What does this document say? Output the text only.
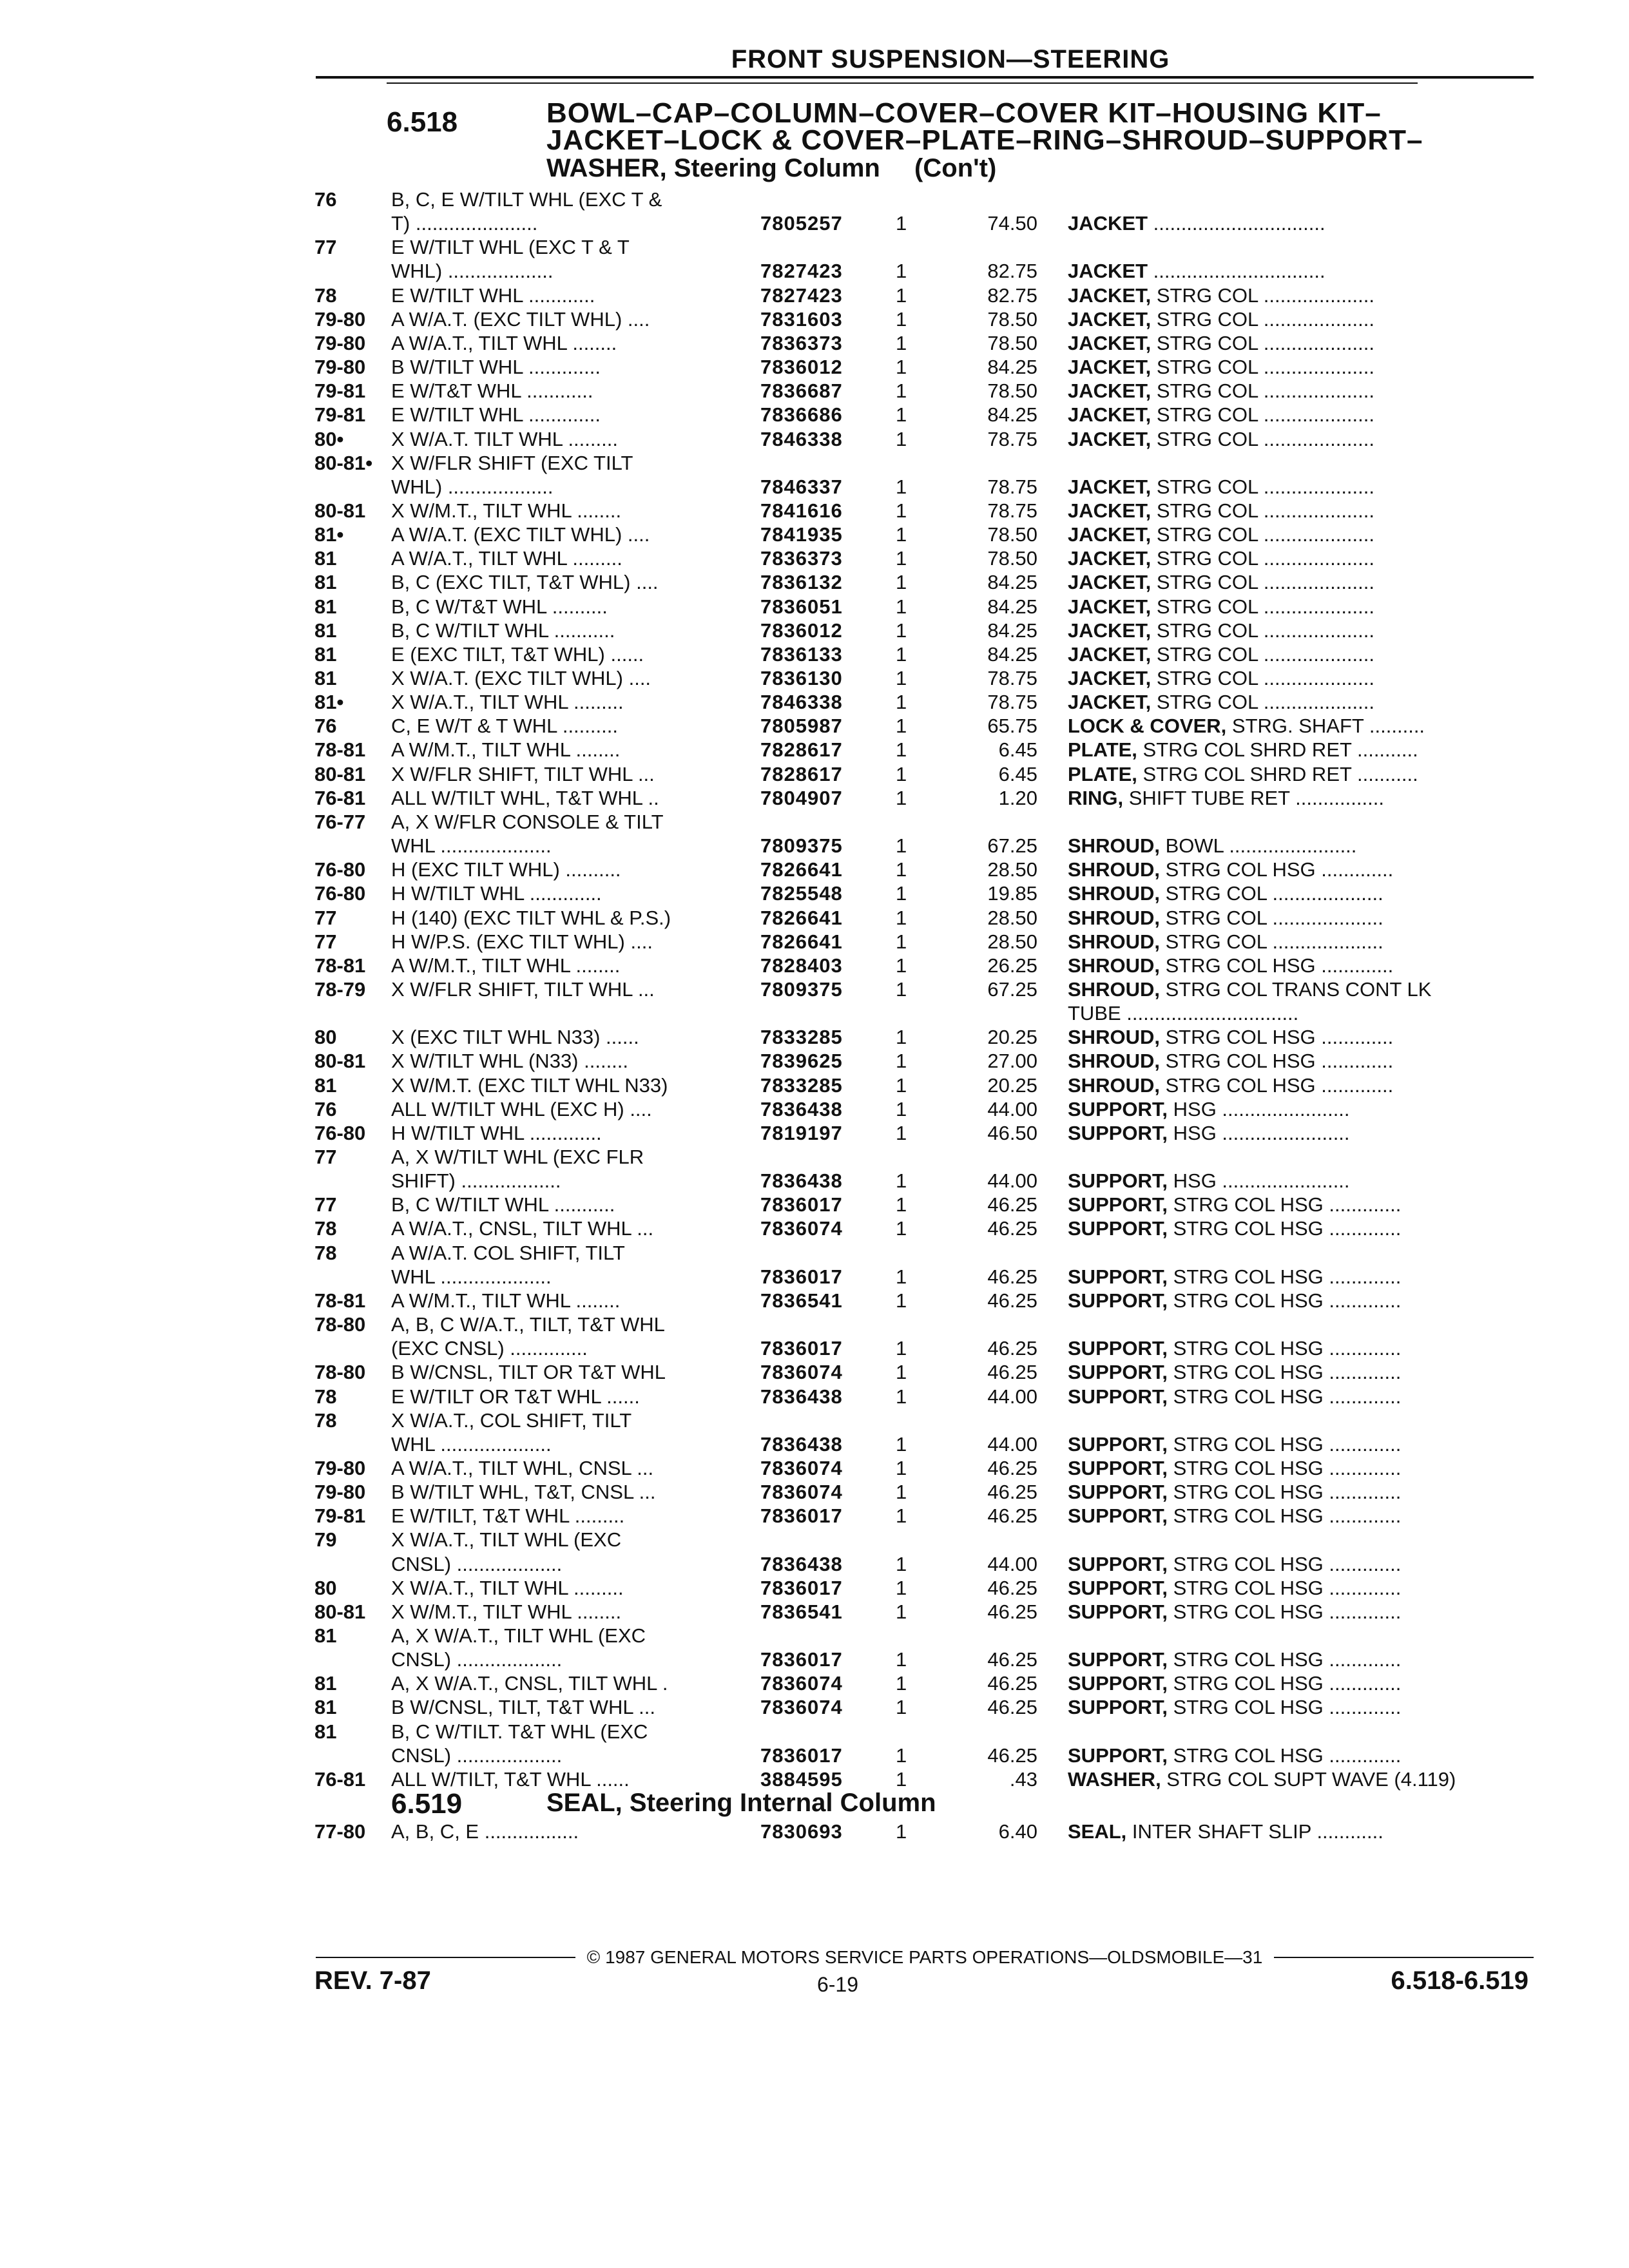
FRONT SUSPENSION—STEERING
6.518	BOWL–CAP–COLUMN–COVER–COVER KIT–HOUSING KIT–
JACKET–LOCK & COVER–PLATE–RING–SHROUD–SUPPORT–
WASHER, Steering Column (Con't)
76	B, C, E W/TILT WHL (EXC T &
T) ......................	7805257	1	74.50 JACKET ...............................
77	E W/TILT WHL (EXC T & T
WHL) ...................	7827423	1	82.75 JACKET ...............................
78	E W/TILT WHL ............	7827423	1	82.75 JACKET, STRG COL ....................
79-80 A W/A.T. (EXC TILT WHL) ....	7831603	1	78.50 JACKET, STRG COL ....................
79-80 A W/A.T., TILT WHL ........	7836373	1	78.50 JACKET, STRG COL ....................
79-80 B W/TILT WHL .............	7836012	1	84.25 JACKET, STRG COL ....................
79-81 E W/T&T WHL ............	7836687	1	78.50 JACKET, STRG COL ....................
79-81 E W/TILT WHL .............	7836686	1	84.25 JACKET, STRG COL ....................
80• X W/A.T. TILT WHL .........	7846338	1	78.75 JACKET, STRG COL ....................
80-81• X W/FLR SHIFT (EXC TILT
WHL) ...................	7846337	1	78.75 JACKET, STRG COL ....................
80-81 X W/M.T., TILT WHL ........	7841616	1	78.75 JACKET, STRG COL ....................
81• A W/A.T. (EXC TILT WHL) ....	7841935	1	78.50 JACKET, STRG COL ....................
81	A W/A.T., TILT WHL .........	7836373	1	78.50 JACKET, STRG COL ....................
81	B, C (EXC TILT, T&T WHL) ....	7836132	1	84.25 JACKET, STRG COL ....................
81	B, C W/T&T WHL ..........	7836051	1	84.25 JACKET, STRG COL ....................
81	B, C W/TILT WHL ...........	7836012	1	84.25 JACKET, STRG COL ....................
81	E (EXC TILT, T&T WHL) ......	7836133	1	84.25 JACKET, STRG COL ....................
81	X W/A.T. (EXC TILT WHL) ....	7836130	1	78.75 JACKET, STRG COL ....................
81• X W/A.T., TILT WHL .........	7846338	1	78.75 JACKET, STRG COL ....................
76	C, E W/T & T WHL ..........	7805987	1	65.75 LOCK & COVER, STRG. SHAFT ..........
78-81 A W/M.T., TILT WHL ........	7828617	1	6.45 PLATE, STRG COL SHRD RET ...........
80-81 X W/FLR SHIFT, TILT WHL ...	7828617	1	6.45 PLATE, STRG COL SHRD RET ...........
76-81 ALL W/TILT WHL, T&T WHL ..	7804907	1	1.20 RING, SHIFT TUBE RET ................
76-77 A, X W/FLR CONSOLE & TILT
WHL ....................	7809375	1	67.25 SHROUD, BOWL .......................
76-80 H (EXC TILT WHL) ..........	7826641	1	28.50 SHROUD, STRG COL HSG .............
76-80 H W/TILT WHL .............	7825548	1	19.85 SHROUD, STRG COL ....................
77	H (140) (EXC TILT WHL & P.S.)	7826641	1	28.50 SHROUD, STRG COL ....................
77	H W/P.S. (EXC TILT WHL) ....	7826641	1	28.50 SHROUD, STRG COL ....................
78-81 A W/M.T., TILT WHL ........	7828403	1	26.25 SHROUD, STRG COL HSG .............
78-79 X W/FLR SHIFT, TILT WHL ...	7809375	1	67.25 SHROUD, STRG COL TRANS CONT LK
TUBE ...............................
80	X (EXC TILT WHL N33) ......	7833285	1	20.25 SHROUD, STRG COL HSG .............
80-81 X W/TILT WHL (N33) ........	7839625	1	27.00 SHROUD, STRG COL HSG .............
81	X W/M.T. (EXC TILT WHL N33)	7833285	1	20.25 SHROUD, STRG COL HSG .............
76	ALL W/TILT WHL (EXC H) ....	7836438	1	44.00 SUPPORT, HSG .......................
76-80 H W/TILT WHL .............	7819197	1	46.50 SUPPORT, HSG .......................
77	A, X W/TILT WHL (EXC FLR
SHIFT) ..................	7836438	1	44.00 SUPPORT, HSG .......................
77	B, C W/TILT WHL ...........	7836017	1	46.25 SUPPORT, STRG COL HSG .............
78	A W/A.T., CNSL, TILT WHL ...	7836074	1	46.25 SUPPORT, STRG COL HSG .............
78	A W/A.T. COL SHIFT, TILT
WHL ....................	7836017	1	46.25 SUPPORT, STRG COL HSG .............
78-81 A W/M.T., TILT WHL ........	7836541	1	46.25 SUPPORT, STRG COL HSG .............
78-80 A, B, C W/A.T., TILT, T&T WHL
(EXC CNSL) ..............	7836017	1	46.25 SUPPORT, STRG COL HSG .............
78-80 B W/CNSL, TILT OR T&T WHL	7836074	1	46.25 SUPPORT, STRG COL HSG .............
78	E W/TILT OR T&T WHL ......	7836438	1	44.00 SUPPORT, STRG COL HSG .............
78	X W/A.T., COL SHIFT, TILT
WHL ....................	7836438	1	44.00 SUPPORT, STRG COL HSG .............
79-80 A W/A.T., TILT WHL, CNSL ...	7836074	1	46.25 SUPPORT, STRG COL HSG .............
79-80 B W/TILT WHL, T&T, CNSL ...	7836074	1	46.25 SUPPORT, STRG COL HSG .............
79-81 E W/TILT, T&T WHL .........	7836017	1	46.25 SUPPORT, STRG COL HSG .............
79	X W/A.T., TILT WHL (EXC
CNSL) ...................	7836438	1	44.00 SUPPORT, STRG COL HSG .............
80	X W/A.T., TILT WHL .........	7836017	1	46.25 SUPPORT, STRG COL HSG .............
80-81 X W/M.T., TILT WHL ........	7836541	1	46.25 SUPPORT, STRG COL HSG .............
81	A, X W/A.T., TILT WHL (EXC
CNSL) ...................	7836017	1	46.25 SUPPORT, STRG COL HSG .............
81	A, X W/A.T., CNSL, TILT WHL .	7836074	1	46.25 SUPPORT, STRG COL HSG .............
81	B W/CNSL, TILT, T&T WHL ...	7836074	1	46.25 SUPPORT, STRG COL HSG .............
81	B, C W/TILT. T&T WHL (EXC
CNSL) ...................	7836017	1	46.25 SUPPORT, STRG COL HSG .............
76-81 ALL W/TILT, T&T WHL ......	3884595	1	.43 WASHER, STRG COL SUPT WAVE (4.119)
6.519	SEAL, Steering Internal Column
77-80 A, B, C, E .................	7830693	1	6.40 SEAL, INTER SHAFT SLIP ............
© 1987 GENERAL MOTORS SERVICE PARTS OPERATIONS—OLDSMOBILE—31
REV. 7-87	6-19	6.518-6.519
